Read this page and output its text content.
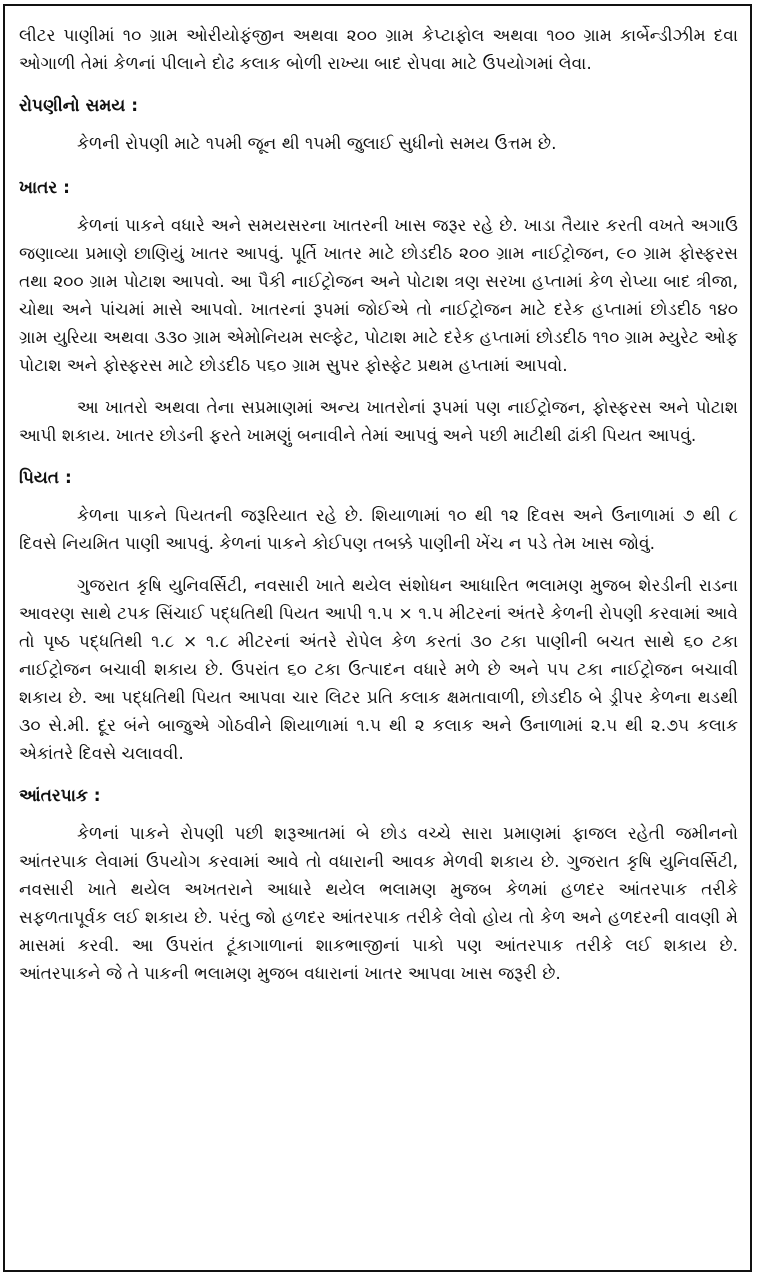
લીટર પાણીમાં ૧૦ ગ્રામ ઓરીયોફંજીન અથવા ૨૦૦ ગ્રામ કેપ્ટાફોલ અથવા ૧૦૦ ગ્રામ કાર્બેન્ડીઝીમ દવા ઓગાળી તેમાં કેળનાં પીલાને દોઢ કલાક બોળી રાખ્યા બાદ રોપવા માટે ઉપયોગમાં લેવા.

રોપણીનો સમય :

કેળની રોપણી માટે ૧૫મી જૂન થી ૧૫મી જુલાઈ સુધીનો સમય ઉત્તમ છે.

ખાતર :

કેળનાં પાકને વધારે અને સમયસરના ખાતરની ખાસ જરૂર રહે છે. ખાડા તૈયાર કરતી વખતે અગાઉ જણાવ્યા પ્રમાણે છાણિયું ખાતર આપવું. પૂર્તિ ખાતર માટે છોડદીઠ ૨૦૦ ગ્રામ નાઈટ્રોજન, ૯૦ ગ્રામ ફોસ્ફરસ તથા ૨૦૦ ગ્રામ પોટાશ આપવો. આ પૈકી નાઈટ્રોજન અને પોટાશ ત્રણ સરખા હપ્તામાં કેળ રોપ્યા બાદ ત્રીજા, ચોથા અને પાંચમાં માસે આપવો. ખાતરનાં રૂપમાં જોઈએ તો નાઈટ્રોજન માટે દરેક હપ્તામાં છોડદીઠ ૧૪૦ ગ્રામ યુરિયા અથવા ૩૩૦ ગ્રામ એમોનિયમ સલ્ફેટ, પોટાશ માટે દરેક હપ્તામાં છોડદીઠ ૧૧૦ ગ્રામ મ્યુરેટ ઓફ પોટાશ અને ફોસ્ફરસ માટે છોડદીઠ ૫૬૦ ગ્રામ સુપર ફોસ્ફેટ પ્રથમ હપ્તામાં આપવો.

આ ખાતરો અથવા તેના સપ્રમાણમાં અન્ય ખાતરોનાં રૂપમાં પણ નાઈટ્રોજન, ફોસ્ફરસ અને પોટાશ આપી શકાય. ખાતર છોડની ફરતે ખામણું બનાવીને તેમાં આપવું અને પછી માટીથી ઢાંકી પિયત આપવું.

પિયત :

કેળના પાકને પિયતની જરૂરિયાત રહે છે. શિયાળામાં ૧૦ થી ૧૨ દિવસ અને ઉનાળામાં ૭ થી ૮ દિવસે નિયમિત પાણી આપવું. કેળનાં પાકને કોઈપણ તબક્કે પાણીની ખેંચ ન પડે તેમ ખાસ જોવું.

ગુજરાત કૃષિ યુનિવર્સિટી, નવસારી ખાતે થયેલ સંશોધન આધારિત ભલામણ મુજબ શેરડીની રાડના આવરણ સાથે ટપક સિંચાઈ પદ્ધતિથી પિયત આપી ૧.૫ × ૧.૫ મીટરનાં અંતરે કેળની રોપણી કરવામાં આવે તો પૃષ્ઠ પદ્ધતિથી ૧.૮ × ૧.૮ મીટરનાં અંતરે રોપેલ કેળ કરતાં ૩૦ ટકા પાણીની બચત સાથે ૬૦ ટકા નાઈટ્રોજન બચાવી શકાય છે. ઉપરાંત ૬૦ ટકા ઉત્પાદન વધારે મળે છે અને ૫૫ ટકા નાઈટ્રોજન બચાવી શકાય છે. આ પદ્ધતિથી પિયત આપવા ચાર લિટર પ્રતિ કલાક ક્ષમતાવાળી, છોડદીઠ બે ડ્રીપર કેળના થડથી ૩૦ સે.મી. દૂર બંને બાજુએ ગોઠવીને શિયાળામાં ૧.૫ થી ૨ કલાક અને ઉનાળામાં ૨.૫ થી ૨.૭૫ કલાક એકાંતરે દિવસે ચલાવવી.

આંતરપાક :

કેળનાં પાકને રોપણી પછી શરૂઆતમાં બે છોડ વચ્ચે સારા પ્રમાણમાં ફાજલ રહેતી જમીનનો આંતરપાક લેવામાં ઉપયોગ કરવામાં આવે તો વધારાની આવક મેળવી શકાય છે. ગુજરાત કૃષિ યુનિવર્સિટી, નવસારી ખાતે થયેલ અખતરાને આધારે થયેલ ભલામણ મુજબ કેળમાં હળદર આંતરપાક તરીકે સફળતાપૂર્વક લઈ શકાય છે. પરંતુ જો હળદર આંતરપાક તરીકે લેવો હોય તો કેળ અને હળદરની વાવણી મે માસમાં કરવી. આ ઉપરાંત ટૂંકાગાળાનાં શાકભાજીનાં પાકો પણ આંતરપાક તરીકે લઈ શકાય છે. આંતરપાકને જે તે પાકની ભલામણ મુજબ વધારાનાં ખાતર આપવા ખાસ જરૂરી છે.
